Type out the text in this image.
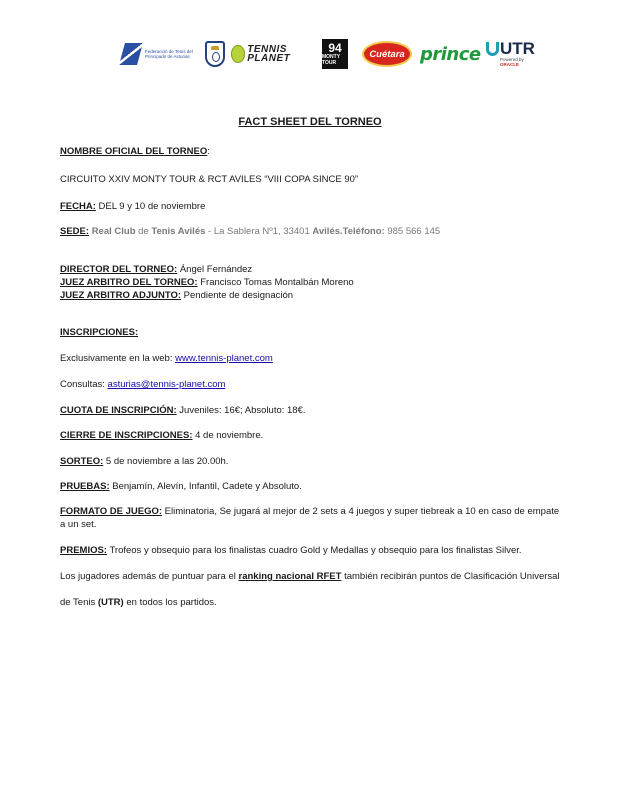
Federación de Tenis del Principado de Asturias
TENNIS PLANET
94
MONTY TOUR
Cuétara prince UTR
Powered by ORACLE
FACT SHEET DEL TORNEO
NOMBRE OFICIAL DEL TORNEO:
CIRCUITO XXIV MONTY TOUR & RCT AVILES “VIII COPA SINCE 90”
FECHA: DEL 9 y 10 de noviembre
SEDE: Real Club de Tenis Avilés - La Sablera Nº1, 33401 Avilés.Teléfono: 985 566 145
DIRECTOR DEL TORNEO: Ángel Fernández
JUEZ ARBITRO DEL TORNEO: Francisco Tomas Montalbán Moreno
JUEZ ARBITRO ADJUNTO: Pendiente de designación
INSCRIPCIONES:
Exclusivamente en la web: www.tennis-planet.com
Consultas: asturias@tennis-planet.com
CUOTA DE INSCRIPCIÓN: Juveniles: 16€; Absoluto: 18€.
CIERRE DE INSCRIPCIONES: 4 de noviembre.
SORTEO: 5 de noviembre a las 20.00h.
PRUEBAS: Benjamín, Alevín, Infantil, Cadete y Absoluto.
FORMATO DE JUEGO: Eliminatoria, Se jugará al mejor de 2 sets a 4 juegos y super tiebreak a 10 en caso de empate a un set.
PREMIOS: Trofeos y obsequio para los finalistas cuadro Gold y Medallas y obsequio para los finalistas Silver.
Los jugadores además de puntuar para el ranking nacional RFET también recibirán puntos de Clasificación Universal
de Tenis (UTR) en todos los partidos.
